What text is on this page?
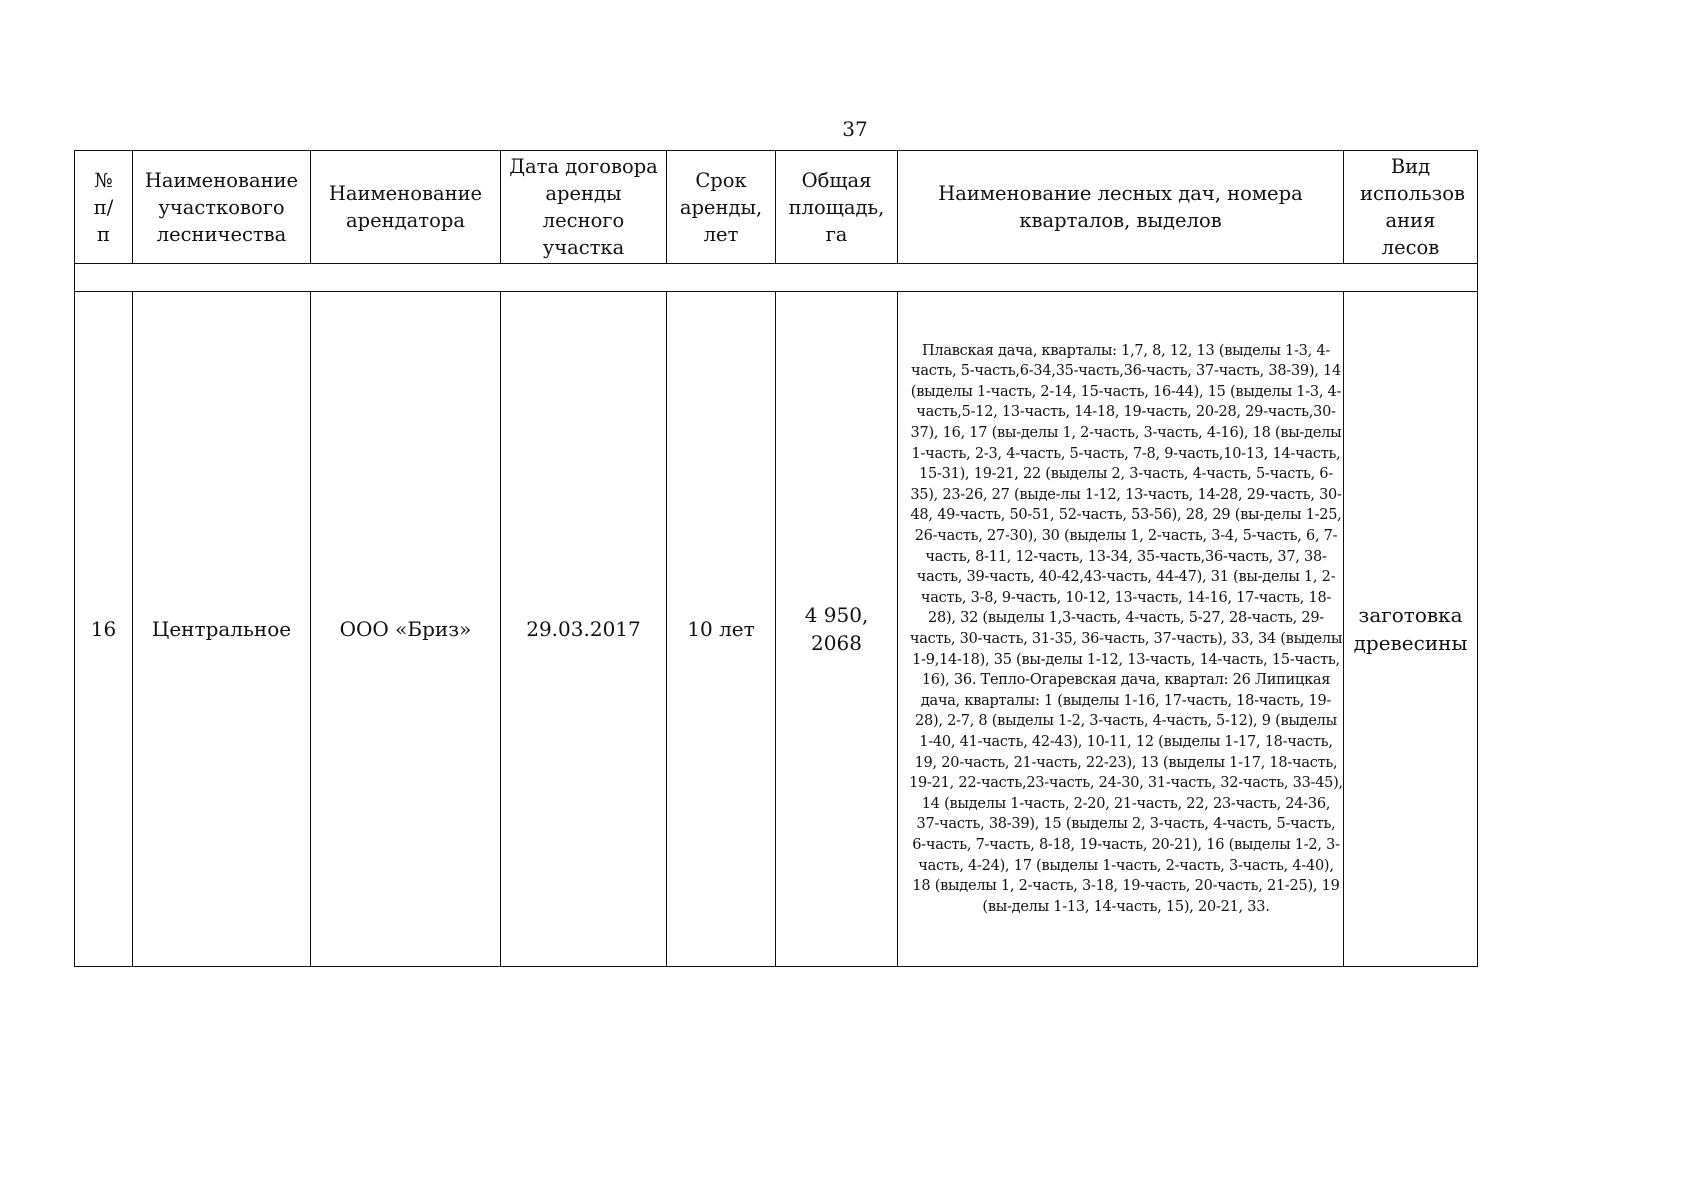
37
№ п/п	Наименование участкового лесничества	Наименование арендатора	Дата договора аренды лесного участка	Срок аренды, лет	Общая площадь, га	Наименование лесных дач, номера кварталов, выделов	Вид использов ания лесов

16	Центральное	ООО «Бриз»	29.03.2017	10 лет	4 950, 2068	Плавская дача, кварталы: 1,7, 8, 12, 13 (выделы 1-3, 4-часть, 5-часть,6-34,35-часть,36-часть, 37-часть, 38-39), 14 (выделы 1-часть, 2-14, 15-часть, 16-44), 15 (выделы 1-3, 4-часть,5-12, 13-часть, 14-18, 19-часть, 20-28, 29-часть,30-37), 16, 17 (вы-делы 1, 2-часть, 3-часть, 4-16), 18 (вы-делы 1-часть, 2-3, 4-часть, 5-часть, 7-8, 9-часть,10-13, 14-часть, 15-31), 19-21, 22 (выделы 2, 3-часть, 4-часть, 5-часть, 6-35), 23-26, 27 (выде-лы 1-12, 13-часть, 14-28, 29-часть, 30-48, 49-часть, 50-51, 52-часть, 53-56), 28, 29 (вы-делы 1-25, 26-часть, 27-30), 30 (выделы 1, 2-часть, 3-4, 5-часть, 6, 7-часть, 8-11, 12-часть, 13-34, 35-часть,36-часть, 37, 38-часть, 39-часть, 40-42,43-часть, 44-47), 31 (вы-делы 1, 2-часть, 3-8, 9-часть, 10-12, 13-часть, 14-16, 17-часть, 18-28), 32 (выделы 1,3-часть, 4-часть, 5-27, 28-часть, 29-часть, 30-часть, 31-35, 36-часть, 37-часть), 33, 34 (выделы 1-9,14-18), 35 (вы-делы 1-12, 13-часть, 14-часть, 15-часть, 16), 36. Тепло-Огаревская дача, квартал: 26 Липицкая дача, кварталы: 1 (выделы 1-16, 17-часть, 18-часть, 19-28), 2-7, 8 (выделы 1-2, 3-часть, 4-часть, 5-12), 9 (выделы 1-40, 41-часть, 42-43), 10-11, 12 (выделы 1-17, 18-часть, 19, 20-часть, 21-часть, 22-23), 13 (выделы 1-17, 18-часть, 19-21, 22-часть,23-часть, 24-30, 31-часть, 32-часть, 33-45), 14 (выделы 1-часть, 2-20, 21-часть, 22, 23-часть, 24-36, 37-часть, 38-39), 15 (выделы 2, 3-часть, 4-часть, 5-часть, 6-часть, 7-часть, 8-18, 19-часть, 20-21), 16 (выделы 1-2, 3-часть, 4-24), 17 (выделы 1-часть, 2-часть, 3-часть, 4-40), 18 (выделы 1, 2-часть, 3-18, 19-часть, 20-часть, 21-25), 19 (вы-делы 1-13, 14-часть, 15), 20-21, 33.	заготовка древесины
